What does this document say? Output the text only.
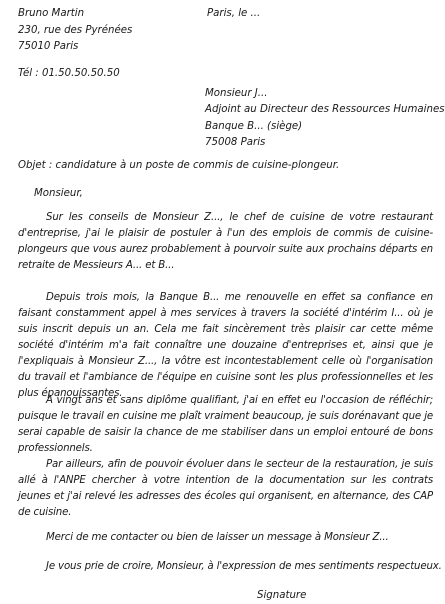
Bruno Martin
230, rue des Pyrénées
75010 Paris
Tél : 01.50.50.50.50
Paris, le ...
Monsieur J...
Adjoint au Directeur des Ressources Humaines
Banque B... (siège)
75008 Paris
Objet : candidature à un poste de commis de cuisine-plongeur.
Monsieur,
Sur les conseils de Monsieur Z..., le chef de cuisine de votre restaurant d'entreprise, j'ai le plaisir de postuler à l'un des emplois de commis de cuisine-plongeurs que vous aurez probablement à pourvoir suite aux prochains départs en retraite de Messieurs A... et B...
Depuis trois mois, la Banque B... me renouvelle en effet sa confiance en faisant constamment appel à mes services à travers la société d'intérim I... où je suis inscrit depuis un an. Cela me fait sincèrement très plaisir car cette même société d'intérim m'a fait connaître une douzaine d'entreprises et, ainsi que je l'expliquais à Monsieur Z..., la vôtre est incontestablement celle où l'organisation du travail et l'ambiance de l'équipe en cuisine sont les plus professionnelles et les plus épanouissantes.
A vingt ans et sans diplôme qualifiant, j'ai en effet eu l'occasion de réfléchir; puisque le travail en cuisine me plaît vraiment beaucoup, je suis dorénavant que je serai capable de saisir la chance de me stabiliser dans un emploi entouré de bons professionnels.
Par ailleurs, afin de pouvoir évoluer dans le secteur de la restauration, je suis allé à l'ANPE chercher à votre intention de la documentation sur les contrats jeunes et j'ai relevé les adresses des écoles qui organisent, en alternance, des CAP de cuisine.
Merci de me contacter ou bien de laisser un message à Monsieur Z...
Je vous prie de croire, Monsieur, à l'expression de mes sentiments respectueux.
Signature
